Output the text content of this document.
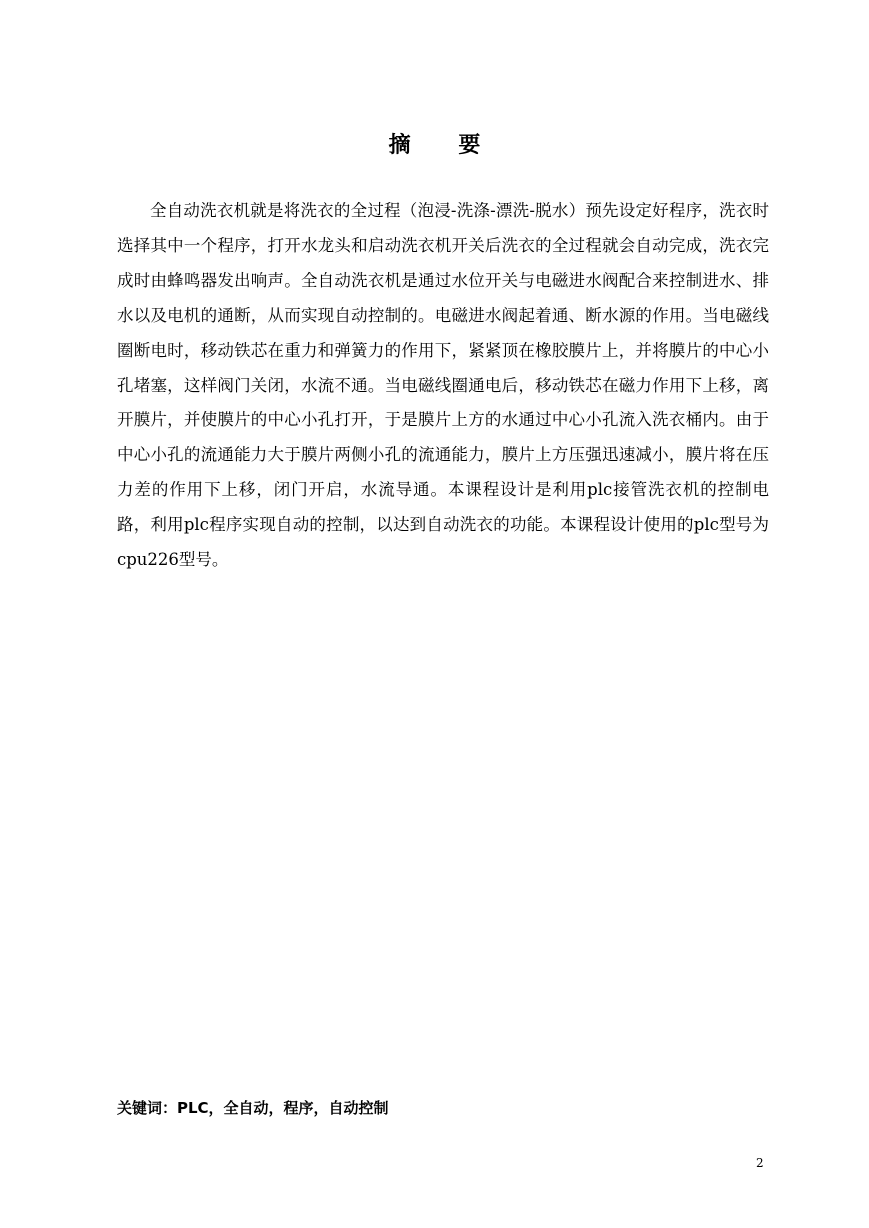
摘 要

全自动洗衣机就是将洗衣的全过程（泡浸-洗涤-漂洗-脱水）预先设定好程序，洗衣时选择其中一个程序，打开水龙头和启动洗衣机开关后洗衣的全过程就会自动完成，洗衣完成时由蜂鸣器发出响声。全自动洗衣机是通过水位开关与电磁进水阀配合来控制进水、排水以及电机的通断，从而实现自动控制的。电磁进水阀起着通、断水源的作用。当电磁线圈断电时，移动铁芯在重力和弹簧力的作用下，紧紧顶在橡胶膜片上，并将膜片的中心小孔堵塞，这样阀门关闭，水流不通。当电磁线圈通电后，移动铁芯在磁力作用下上移，离开膜片，并使膜片的中心小孔打开，于是膜片上方的水通过中心小孔流入洗衣桶内。由于中心小孔的流通能力大于膜片两侧小孔的流通能力，膜片上方压强迅速减小，膜片将在压力差的作用下上移，闭门开启，水流导通。本课程设计是利用plc接管洗衣机的控制电路，利用plc程序实现自动的控制，以达到自动洗衣的功能。本课程设计使用的plc型号为cpu226型号。

关键词：PLC，全自动，程序，自动控制
2
